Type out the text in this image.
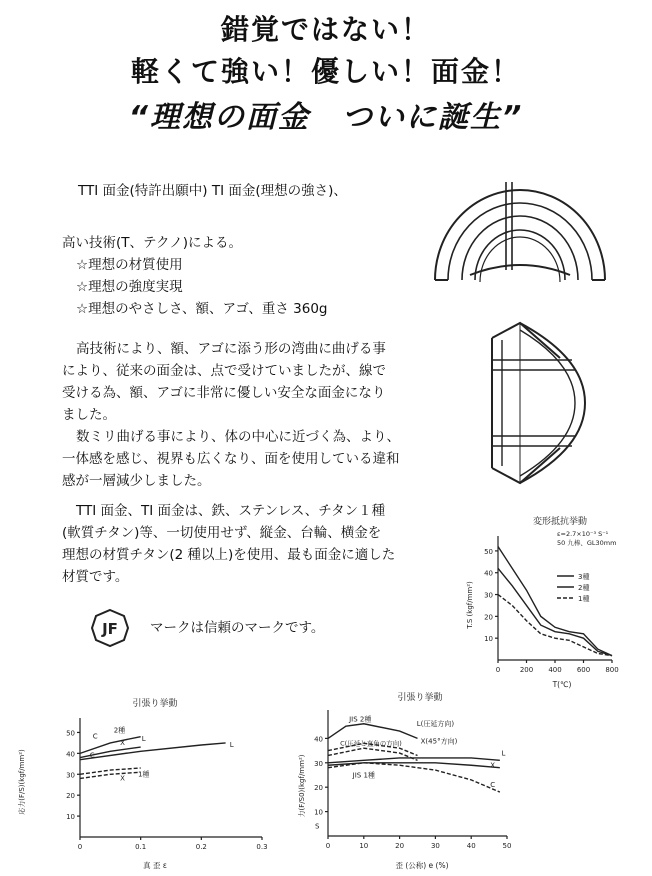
錯覚ではない！
軽くて強い！優しい！面金！
“理想の面金　ついに誕生”
TTI 面金(特許出願中) TI 面金(理想の強さ)、
高い技術(T、テクノ)による。
☆理想の材質使用
☆理想の強度実現
☆理想のやさしさ、額、アゴ、重さ 360g
高技術により、額、アゴに添う形の湾曲に曲げる事
により、従来の面金は、点で受けていましたが、線で
受ける為、額、アゴに非常に優しい安全な面金になり
ました。
数ミリ曲げる事により、体の中心に近づく為、より、
一体感を感じ、視界も広くなり、面を使用している違和
感が一層減少しました。
TTI 面金、TI 面金は、鉄、ステンレス、チタン１種
(軟質チタン)等、一切使用せず、縦金、台輪、横金を
理想の材質チタン(2 種以上)を使用、最も面金に適した
材質です。
JF マークは信頼のマークです。
変形抵抗挙動
ε=2.7×10⁻³ S⁻¹
50 九棒、GL30mm
T.S (kgf/mm²)
T(℃)
10
20
30
40
50
0	200 400 600 800
3種
2種
1種
引張り挙動
応力(F/S)(kgf/mm²)
真 歪 ε
10
20
30
40
50
0	0.1	0.2	0.3
2種
C
X
L
C
X
1種
L
引張り挙動
力(F/S0)(kgf/mm²)
歪 (公称) e (%)
10
20
30
40
0	10	20	30	40	50
JIS 2種
L(圧延方向)
X(45°方向)
C(圧延と直角の方向)
L
X
C
JIS 1種
S
